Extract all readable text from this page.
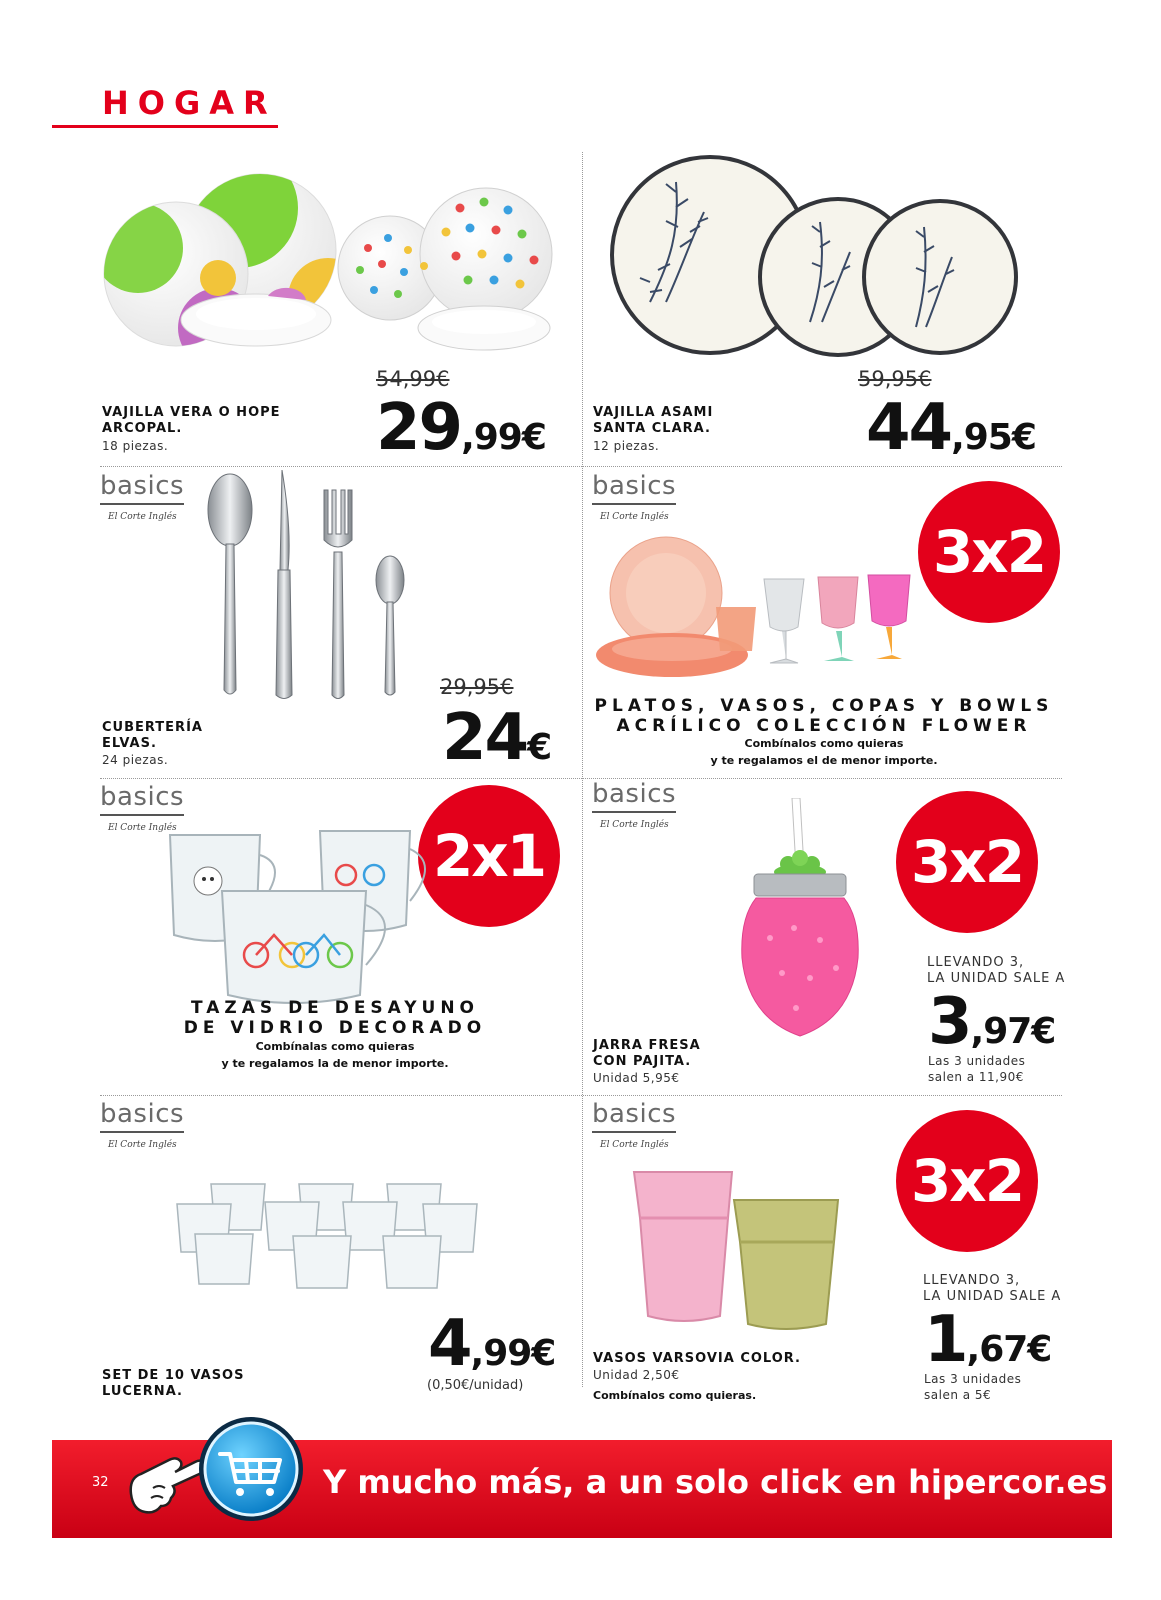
HOGAR
54,99€
VAJILLA VERA O HOPE
ARCOPAL.
18 piezas.	29,99€
59,95€
VAJILLA ASAMI
SANTA CLARA.
12 piezas.	44,95€
basics
El Corte Inglés
29,95€
CUBERTERÍA
ELVAS.
24 piezas.	24€
basics
El Corte Inglés
3x2
PLATOS, VASOS, COPAS Y BOWLS
ACRÍLICO COLECCIÓN FLOWER
Combínalos como quieras
y te regalamos el de menor importe.
basics
El Corte Inglés	2x1
TAZAS DE DESAYUNO
DE VIDRIO DECORADO
Combínalas como quieras
y te regalamos la de menor importe.
basics
El Corte Inglés
3x2
LLEVANDO 3,
LA UNIDAD SALE A
3,97€
Las 3 unidades
salen a 11,90€
JARRA FRESA
CON PAJITA.
Unidad 5,95€
basics
El Corte Inglés
4,99€
(0,50€/unidad)
SET DE 10 VASOS
LUCERNA.
basics
El Corte Inglés
3x2
LLEVANDO 3,
LA UNIDAD SALE A
1,67€
Las 3 unidades
salen a 5€
VASOS VARSOVIA COLOR.
Unidad 2,50€
Combínalos como quieras.
32	Y mucho más, a un solo click en hipercor.es
